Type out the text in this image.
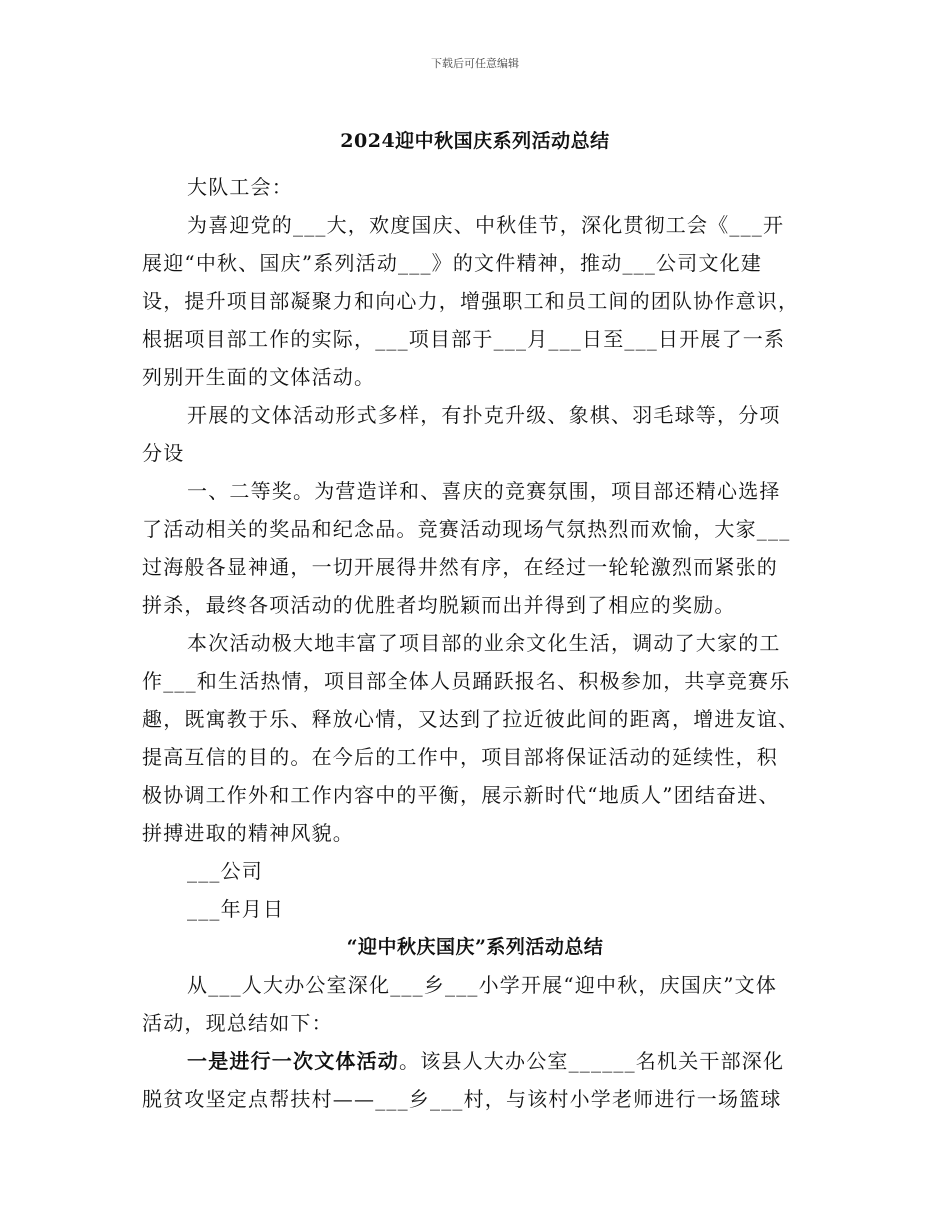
下载后可任意编辑
2024迎中秋国庆系列活动总结
大队工会：
为喜迎党的___大，欢度国庆、中秋佳节，深化贯彻工会《___开
展迎“中秋、国庆”系列活动___》的文件精神，推动___公司文化建
设，提升项目部凝聚力和向心力，增强职工和员工间的团队协作意识，
根据项目部工作的实际，___项目部于___月___日至___日开展了一系
列别开生面的文体活动。
开展的文体活动形式多样，有扑克升级、象棋、羽毛球等，分项
分设
一、二等奖。为营造详和、喜庆的竞赛氛围，项目部还精心选择
了活动相关的奖品和纪念品。竞赛活动现场气氛热烈而欢愉，大家___
过海般各显神通，一切开展得井然有序，在经过一轮轮激烈而紧张的
拼杀，最终各项活动的优胜者均脱颖而出并得到了相应的奖励。
本次活动极大地丰富了项目部的业余文化生活，调动了大家的工
作___和生活热情，项目部全体人员踊跃报名、积极参加，共享竞赛乐
趣，既寓教于乐、释放心情，又达到了拉近彼此间的距离，增进友谊、
提高互信的目的。在今后的工作中，项目部将保证活动的延续性，积
极协调工作外和工作内容中的平衡，展示新时代“地质人”团结奋进、
拼搏进取的精神风貌。
___公司
___年月日
“迎中秋庆国庆”系列活动总结
从___人大办公室深化___乡___小学开展“迎中秋，庆国庆”文体
活动，现总结如下：
一是进行一次文体活动。该县人大办公室______名机关干部深化
脱贫攻坚定点帮扶村——___乡___村，与该村小学老师进行一场篮球
